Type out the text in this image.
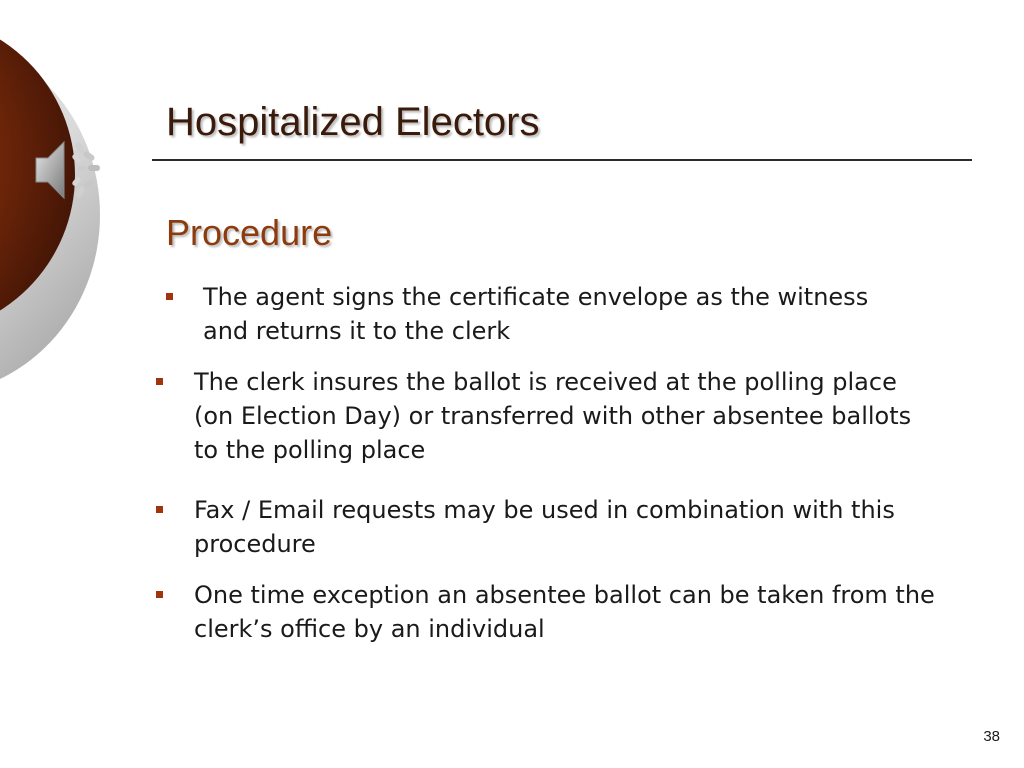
Hospitalized Electors
Procedure
The agent signs the certificate envelope as the witness and returns it to the clerk
The clerk insures the ballot is received at the polling place (on Election Day) or transferred with other absentee ballots to the polling place
Fax / Email requests may be used in combination with this procedure
One time exception an absentee ballot can be taken from the clerk’s office by an individual
38
